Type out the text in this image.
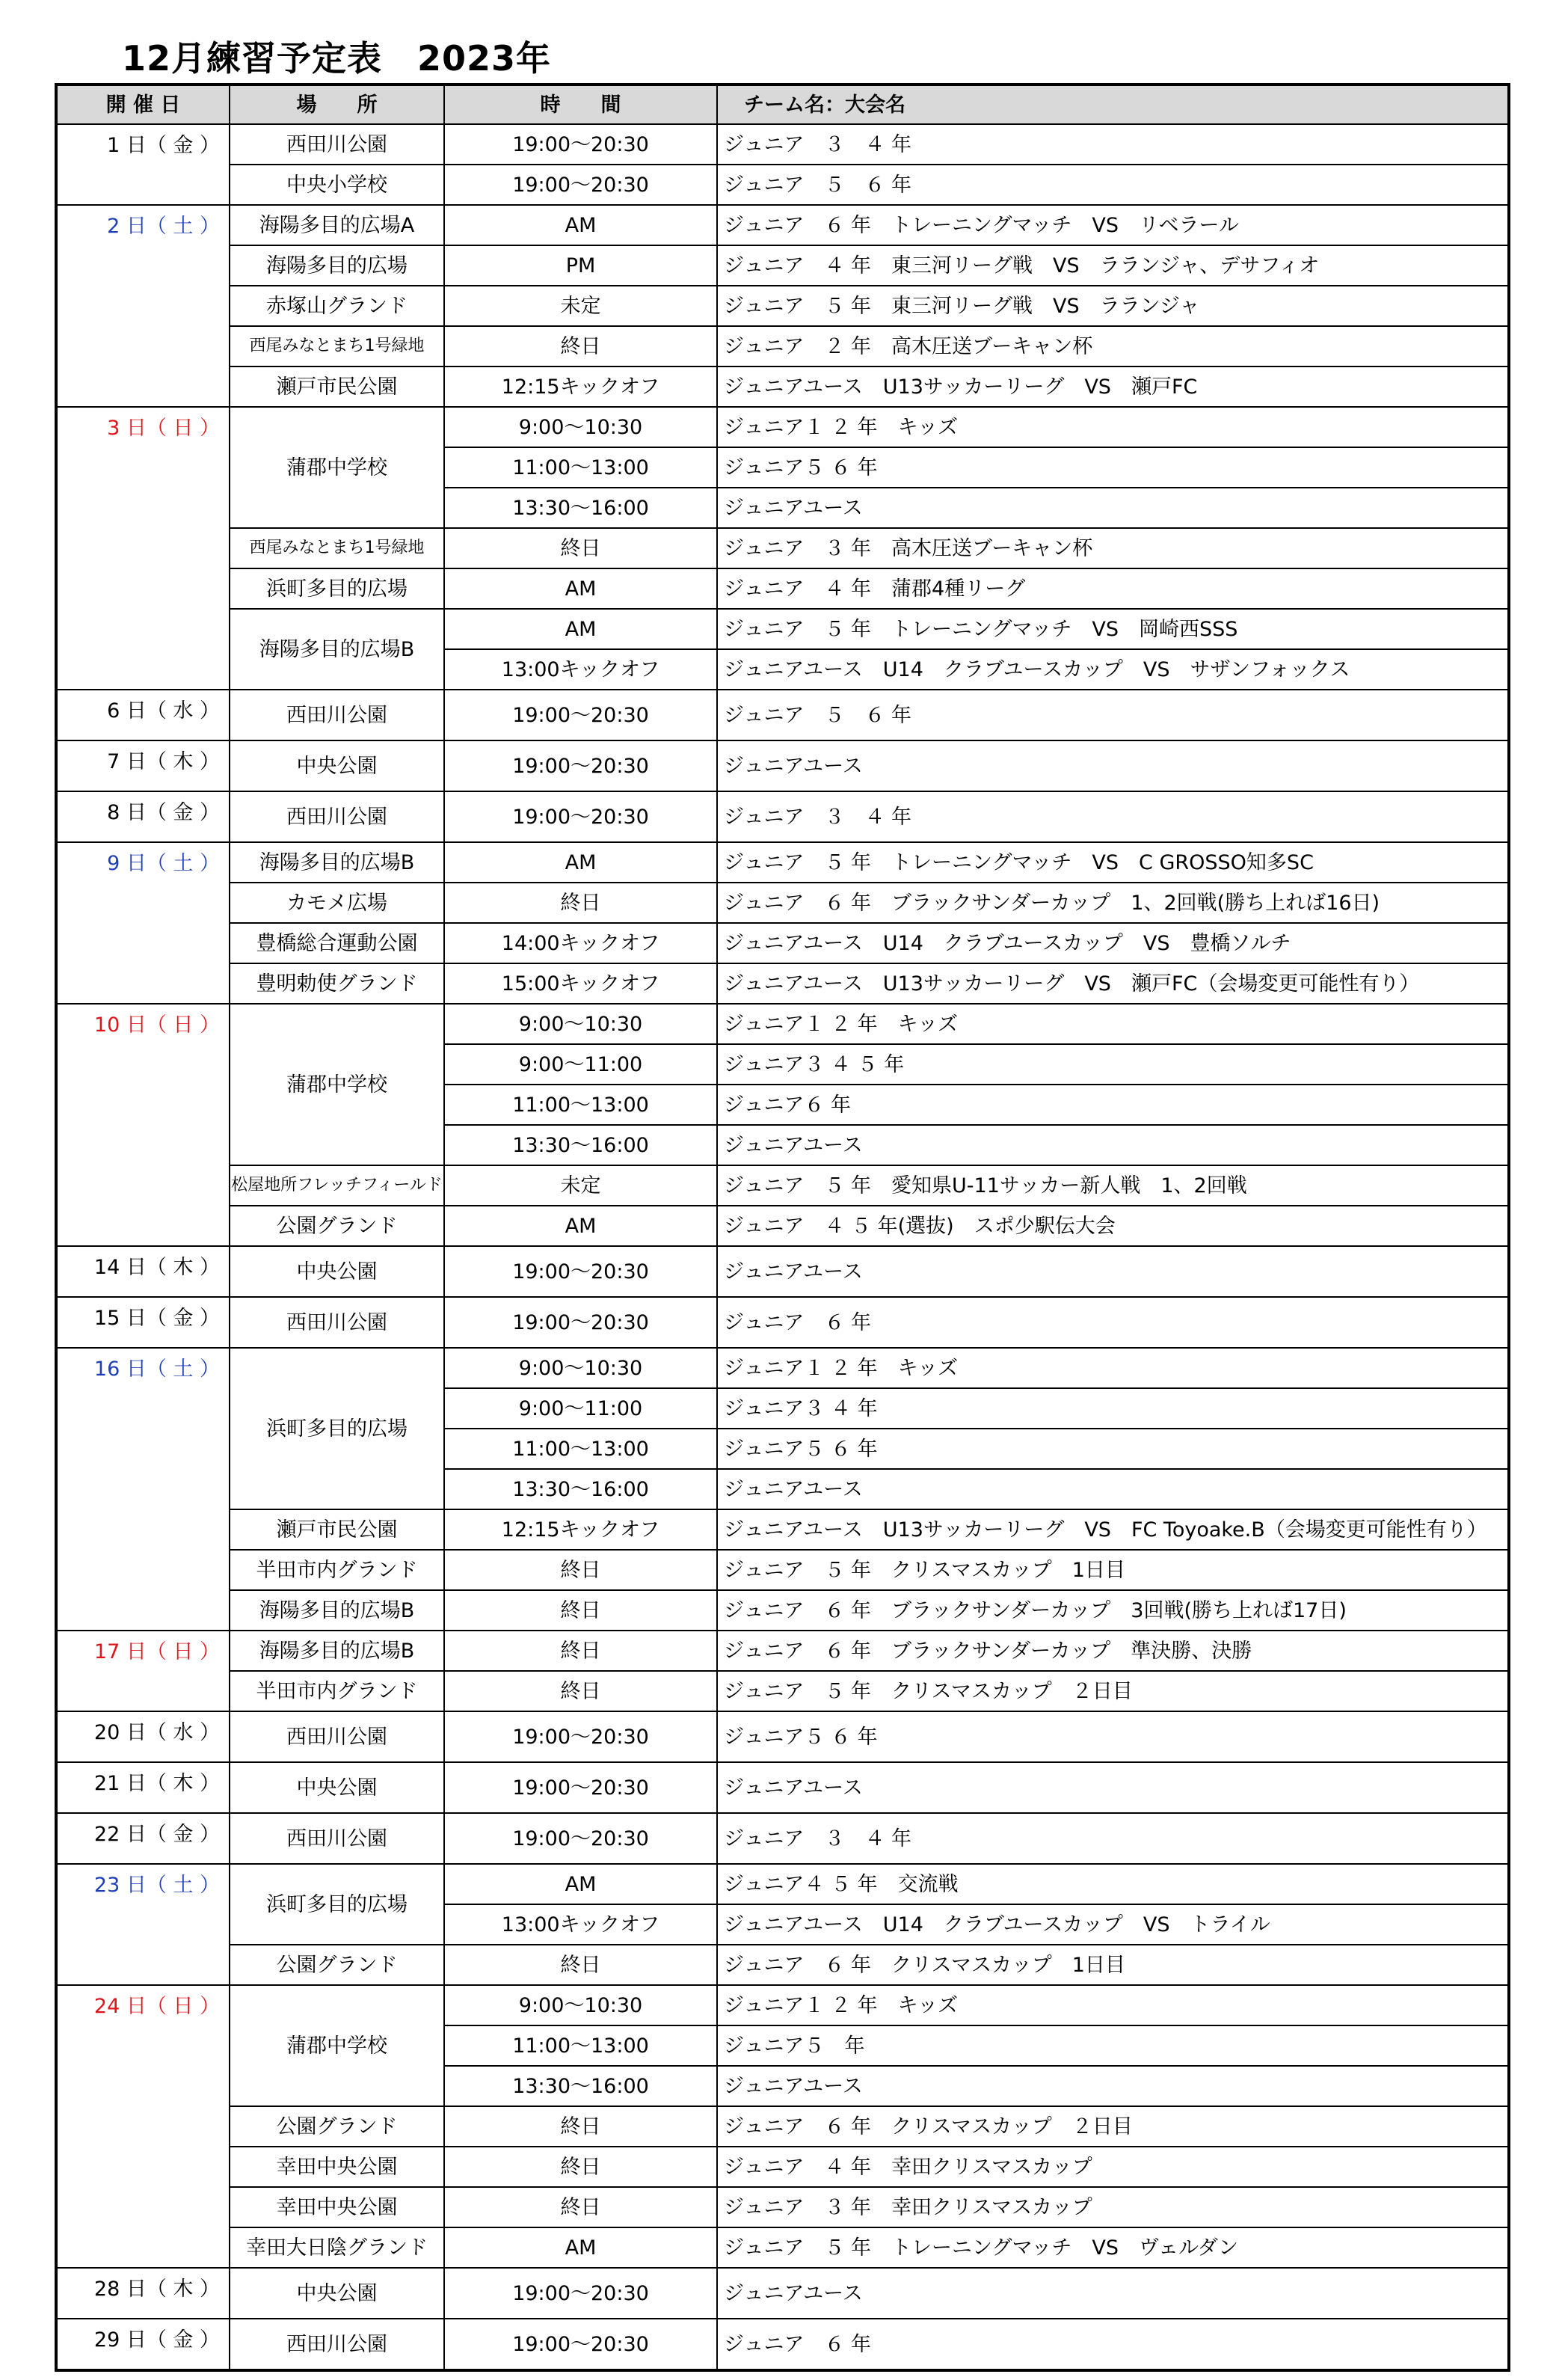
12月練習予定表　2023年
開 催 日	場　　所	時　　間	チーム名：大会名
1 日（ 金 ）	西田川公園	19:00～20:30	ジュニア　３　４ 年
	中央小学校	19:00～20:30	ジュニア　５　６ 年
2 日（ 土 ）	海陽多目的広場A	AM	ジュニア　６ 年　トレーニングマッチ　VS　リベラール
	海陽多目的広場	PM	ジュニア　４ 年　東三河リーグ戦　VS　ラランジャ、デサフィオ
	赤塚山グランド	未定	ジュニア　５ 年　東三河リーグ戦　VS　ラランジャ
	西尾みなとまち1号緑地	終日	ジュニア　２ 年　高木圧送ブーキャン杯
	瀬戸市民公園	12:15キックオフ	ジュニアユース　U13サッカーリーグ　VS　瀬戸FC
3 日（ 日 ）	蒲郡中学校	9:00～10:30	ジュニア１ ２ 年　キッズ
		11:00～13:00	ジュニア５ ６ 年
		13:30～16:00	ジュニアユース
	西尾みなとまち1号緑地	終日	ジュニア　３ 年　高木圧送ブーキャン杯
	浜町多目的広場	AM	ジュニア　４ 年　蒲郡4種リーグ
	海陽多目的広場B	AM	ジュニア　５ 年　トレーニングマッチ　VS　岡崎西SSS
		13:00キックオフ	ジュニアユース　U14　クラブユースカップ　VS　サザンフォックス
6 日（ 水 ）	西田川公園	19:00～20:30	ジュニア　５　６ 年
7 日（ 木 ）	中央公園	19:00～20:30	ジュニアユース
8 日（ 金 ）	西田川公園	19:00～20:30	ジュニア　３　４ 年
9 日（ 土 ）	海陽多目的広場B	AM	ジュニア　５ 年　トレーニングマッチ　VS　C GROSSO知多SC
	カモメ広場	終日	ジュニア　６ 年　ブラックサンダーカップ　1、2回戦(勝ち上れば16日)
	豊橋総合運動公園	14:00キックオフ	ジュニアユース　U14　クラブユースカップ　VS　豊橋ソルチ
	豊明勅使グランド	15:00キックオフ	ジュニアユース　U13サッカーリーグ　VS　瀬戸FC（会場変更可能性有り）
10 日（ 日 ）	蒲郡中学校	9:00～10:30	ジュニア１ ２ 年　キッズ
		9:00～11:00	ジュニア３ ４ ５ 年
		11:00～13:00	ジュニア６ 年
		13:30～16:00	ジュニアユース
	松屋地所フレッチフィールド	未定	ジュニア　５ 年　愛知県U-11サッカー新人戦　1、2回戦
	公園グランド	AM	ジュニア　４ ５ 年(選抜)　スポ少駅伝大会
14 日（ 木 ）	中央公園	19:00～20:30	ジュニアユース
15 日（ 金 ）	西田川公園	19:00～20:30	ジュニア　６ 年
16 日（ 土 ）	浜町多目的広場	9:00～10:30	ジュニア１ ２ 年　キッズ
		9:00～11:00	ジュニア３ ４ 年
		11:00～13:00	ジュニア５ ６ 年
		13:30～16:00	ジュニアユース
	瀬戸市民公園	12:15キックオフ	ジュニアユース　U13サッカーリーグ　VS　FC Toyoake.B（会場変更可能性有り）
	半田市内グランド	終日	ジュニア　５ 年　クリスマスカップ　1日目
	海陽多目的広場B	終日	ジュニア　６ 年　ブラックサンダーカップ　3回戦(勝ち上れば17日)
17 日（ 日 ）	海陽多目的広場B	終日	ジュニア　６ 年　ブラックサンダーカップ　準決勝、決勝
	半田市内グランド	終日	ジュニア　５ 年　クリスマスカップ　２日目
20 日（ 水 ）	西田川公園	19:00～20:30	ジュニア５ ６ 年
21 日（ 木 ）	中央公園	19:00～20:30	ジュニアユース
22 日（ 金 ）	西田川公園	19:00～20:30	ジュニア　３　４ 年
23 日（ 土 ）	浜町多目的広場	AM	ジュニア４ ５ 年　交流戦
		13:00キックオフ	ジュニアユース　U14　クラブユースカップ　VS　トライル
	公園グランド	終日	ジュニア　６ 年　クリスマスカップ　1日目
24 日（ 日 ）	蒲郡中学校	9:00～10:30	ジュニア１ ２ 年　キッズ
		11:00～13:00	ジュニア５　年
		13:30～16:00	ジュニアユース
	公園グランド	終日	ジュニア　６ 年　クリスマスカップ　２日目
	幸田中央公園	終日	ジュニア　４ 年　幸田クリスマスカップ
	幸田中央公園	終日	ジュニア　３ 年　幸田クリスマスカップ
	幸田大日陰グランド	AM	ジュニア　５ 年　トレーニングマッチ　VS　ヴェルダン
28 日（ 木 ）	中央公園	19:00～20:30	ジュニアユース
29 日（ 金 ）	西田川公園	19:00～20:30	ジュニア　６ 年
